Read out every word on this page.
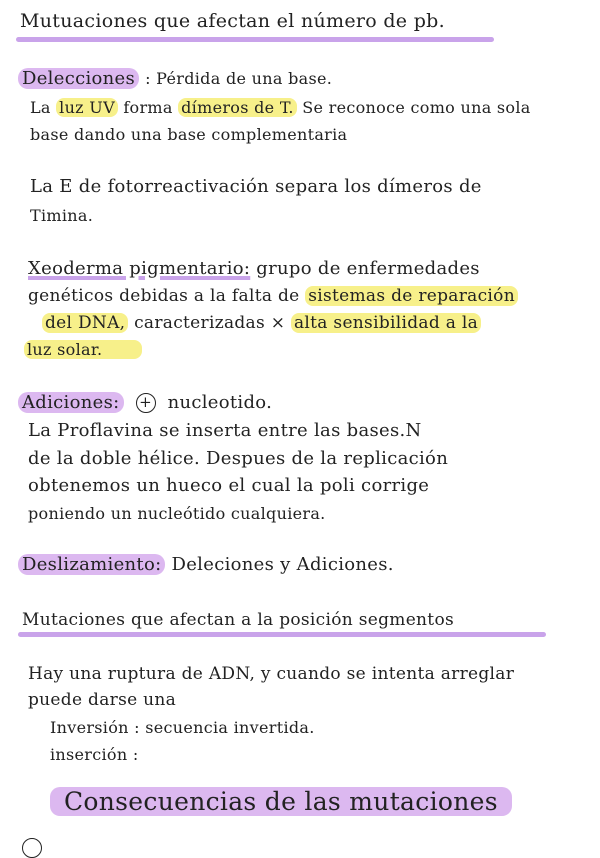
Mutuaciones que afectan el número de pb.
Delecciones : Pérdida de una base.
La luz UV forma dímeros de T. Se reconoce como una sola
base dando una base complementaria
La E de fotorreactivación separa los dímeros de
Timina.
Xeoderma pigmentario: grupo de enfermedades
genéticos debidas a la falta de sistemas de reparación
del DNA, caracterizadas × alta sensibilidad a la
luz solar.
Adiciones: + nucleotido.
La Proflavina se inserta entre las bases.N
de la doble hélice. Despues de la replicación
obtenemos un hueco el cual la poli corrige
poniendo un nucleótido cualquiera.
Deslizamiento: Deleciones y Adiciones.
Mutaciones que afectan a la posición segmentos
Hay una ruptura de ADN, y cuando se intenta arreglar
puede darse una
Inversión : secuencia invertida.
inserción :
Consecuencias de las mutaciones
